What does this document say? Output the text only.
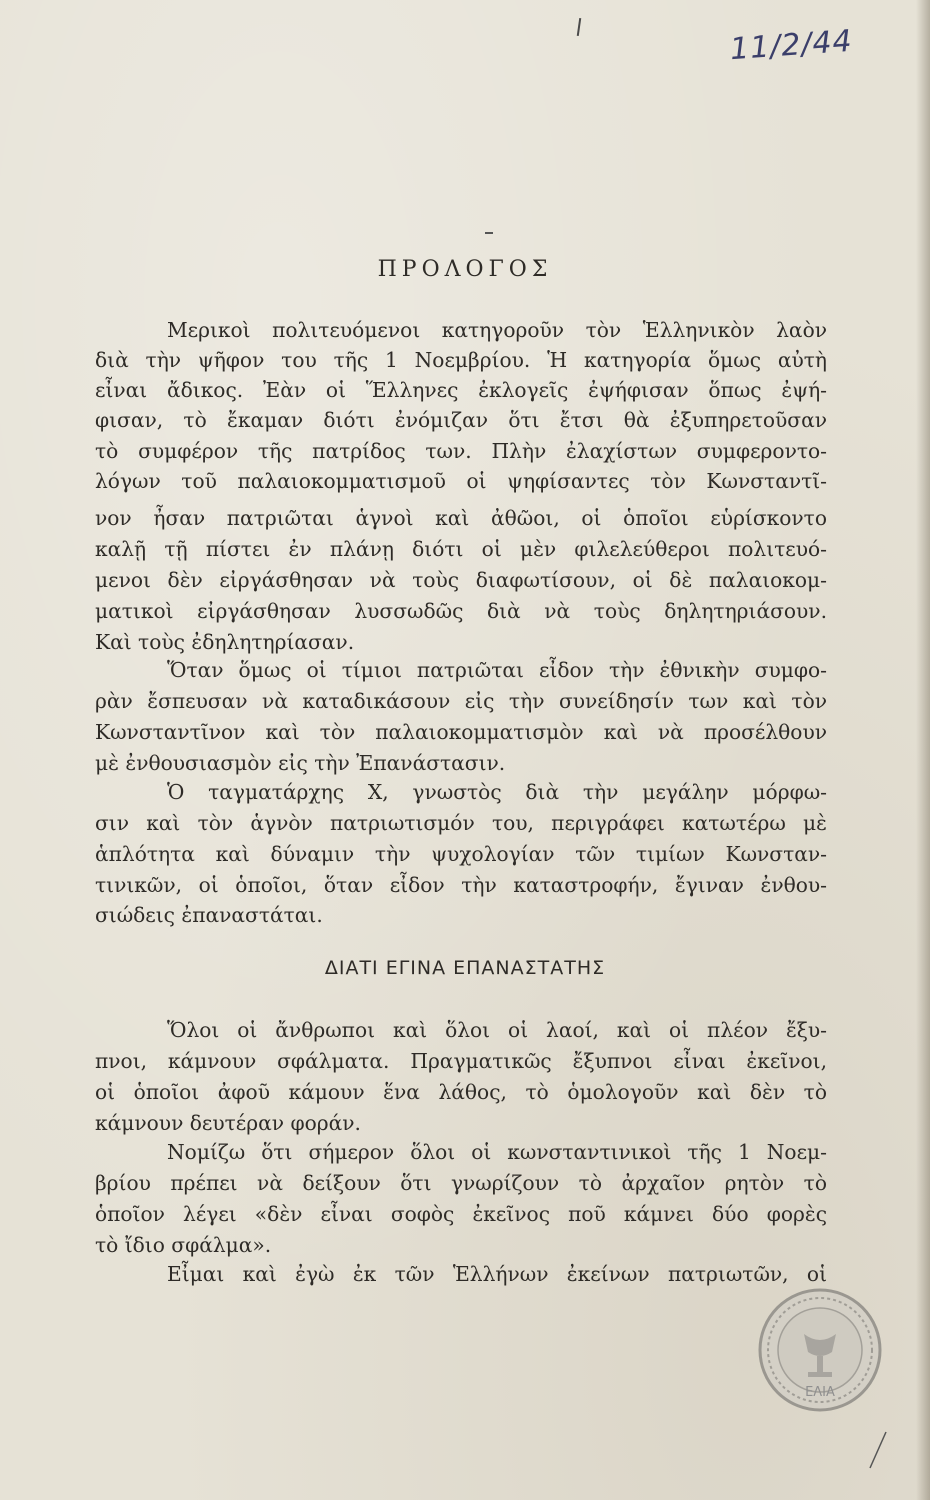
11/2/44
ΠΡΟΛΟΓΟΣ

Μερικοὶ πολιτευόμενοι κατηγοροῦν τὸν Ἑλληνικὸν λαὸν

διὰ τὴν ψῆφον του τῆς 1 Νοεμβρίου. Ἡ κατηγορία ὅμως αὐτὴ

εἶναι ἄδικος. Ἐὰν οἱ Ἕλληνες ἐκλογεῖς ἐψήφισαν ὅπως ἐψή-

φισαν, τὸ ἔκαμαν διότι ἐνόμιζαν ὅτι ἔτσι θὰ ἐξυπηρετοῦσαν

τὸ συμφέρον τῆς πατρίδος των. Πλὴν ἐλαχίστων συμφεροντο-

λόγων τοῦ παλαιοκομματισμοῦ οἱ ψηφίσαντες τὸν Κωνσταντῖ-

νον ἦσαν πατριῶται ἁγνοὶ καὶ ἀθῶοι, οἱ ὁποῖοι εὑρίσκοντο

καλῇ τῇ πίστει ἐν πλάνῃ διότι οἱ μὲν φιλελεύθεροι πολιτευό-

μενοι δὲν εἰργάσθησαν νὰ τοὺς διαφωτίσουν, οἱ δὲ παλαιοκομ-

ματικοὶ εἰργάσθησαν λυσσωδῶς διὰ νὰ τοὺς δηλητηριάσουν.

Καὶ τοὺς ἐδηλητηρίασαν.

Ὅταν ὅμως οἱ τίμιοι πατριῶται εἶδον τὴν ἐθνικὴν συμφο-

ρὰν ἔσπευσαν νὰ καταδικάσουν εἰς τὴν συνείδησίν των καὶ τὸν

Κωνσταντῖνον καὶ τὸν παλαιοκομματισμὸν καὶ νὰ προσέλθουν

μὲ ἐνθουσιασμὸν εἰς τὴν Ἐπανάστασιν.

Ὁ ταγματάρχης Χ, γνωστὸς διὰ τὴν μεγάλην μόρφω-

σιν καὶ τὸν ἁγνὸν πατριωτισμόν του, περιγράφει κατωτέρω μὲ

ἁπλότητα καὶ δύναμιν τὴν ψυχολογίαν τῶν τιμίων Κωνσταν-

τινικῶν, οἱ ὁποῖοι, ὅταν εἶδον τὴν καταστροφήν, ἔγιναν ἐνθου-

σιώδεις ἐπαναστάται.

ΔΙΑΤΙ ΕΓΙΝΑ ΕΠΑΝΑΣΤΑΤΗΣ

Ὅλοι οἱ ἄνθρωποι καὶ ὅλοι οἱ λαοί, καὶ οἱ πλέον ἔξυ-

πνοι, κάμνουν σφάλματα. Πραγματικῶς ἔξυπνοι εἶναι ἐκεῖνοι,

οἱ ὁποῖοι ἀφοῦ κάμουν ἕνα λάθος, τὸ ὁμολογοῦν καὶ δὲν τὸ

κάμνουν δευτέραν φοράν.

Νομίζω ὅτι σήμερον ὅλοι οἱ κωνσταντινικοὶ τῆς 1 Νοεμ-

βρίου πρέπει νὰ δείξουν ὅτι γνωρίζουν τὸ ἀρχαῖον ρητὸν τὸ

ὁποῖον λέγει «δὲν εἶναι σοφὸς ἐκεῖνος ποῦ κάμνει δύο φορὲς

τὸ ἴδιο σφάλμα».

Εἶμαι καὶ ἐγὼ ἐκ τῶν Ἑλλήνων ἐκείνων πατριωτῶν, οἱ

ΕΛΙΑ
